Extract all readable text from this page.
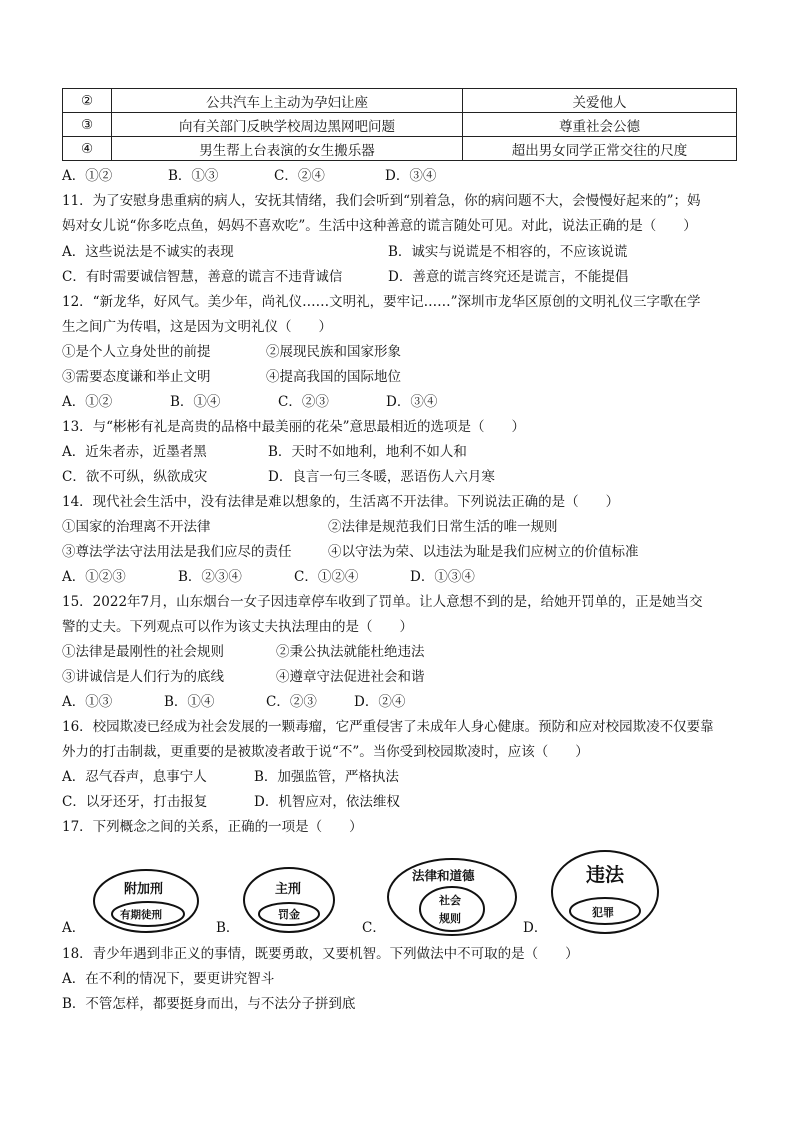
②	公共汽车上主动为孕妇让座	关爱他人
③	向有关部门反映学校周边黑网吧问题	尊重社会公德
④	男生帮上台表演的女生搬乐器	超出男女同学正常交往的尺度
A．①②	B．①③	C．②④	D．③④
11．为了安慰身患重病的病人，安抚其情绪，我们会听到“别着急，你的病问题不大，会慢慢好起来的”；妈
妈对女儿说“你多吃点鱼，妈妈不喜欢吃”。生活中这种善意的谎言随处可见。对此，说法正确的是（　　）
A．这些说法是不诚实的表现	B．诚实与说谎是不相容的，不应该说谎
C．有时需要诚信智慧，善意的谎言不违背诚信	D．善意的谎言终究还是谎言，不能提倡
12．“新龙华，好风气。美少年，尚礼仪……文明礼，要牢记……”深圳市龙华区原创的文明礼仪三字歌在学
生之间广为传唱，这是因为文明礼仪（　　）
①是个人立身处世的前提	②展现民族和国家形象
③需要态度谦和举止文明	④提高我国的国际地位
A．①②	B．①④	C．②③	D．③④
13．与“彬彬有礼是高贵的品格中最美丽的花朵”意思最相近的选项是（　　）
A．近朱者赤，近墨者黑	B．天时不如地利，地利不如人和
C．欲不可纵，纵欲成灾	D．良言一句三冬暖，恶语伤人六月寒
14．现代社会生活中，没有法律是难以想象的，生活离不开法律。下列说法正确的是（　　）
①国家的治理离不开法律	②法律是规范我们日常生活的唯一规则
③尊法学法守法用法是我们应尽的责任	④以守法为荣、以违法为耻是我们应树立的价值标准
A．①②③	B．②③④	C．①②④	D．①③④
15．2022年7月，山东烟台一女子因违章停车收到了罚单。让人意想不到的是，给她开罚单的，正是她当交
警的丈夫。下列观点可以作为该丈夫执法理由的是（　　）
①法律是最刚性的社会规则	②秉公执法就能杜绝违法
③讲诚信是人们行为的底线	④遵章守法促进社会和谐
A．①③	B．①④	C．②③	D．②④
16．校园欺凌已经成为社会发展的一颗毒瘤，它严重侵害了未成年人身心健康。预防和应对校园欺凌不仅要靠
外力的打击制裁，更重要的是被欺凌者敢于说“不”。当你受到校园欺凌时，应该（　　）
A．忍气吞声，息事宁人	B．加强监管，严格执法
C．以牙还牙，打击报复	D．机智应对，依法维权
17．下列概念之间的关系，正确的一项是（　　）
A．
附加刑
有期徒刑
B．
主刑
罚金
C．
法律和道德
社会
规则
D．
违法
犯罪
18．青少年遇到非正义的事情，既要勇敢，又要机智。下列做法中不可取的是（　　）
A．在不利的情况下，要更讲究智斗
B．不管怎样，都要挺身而出，与不法分子拼到底
